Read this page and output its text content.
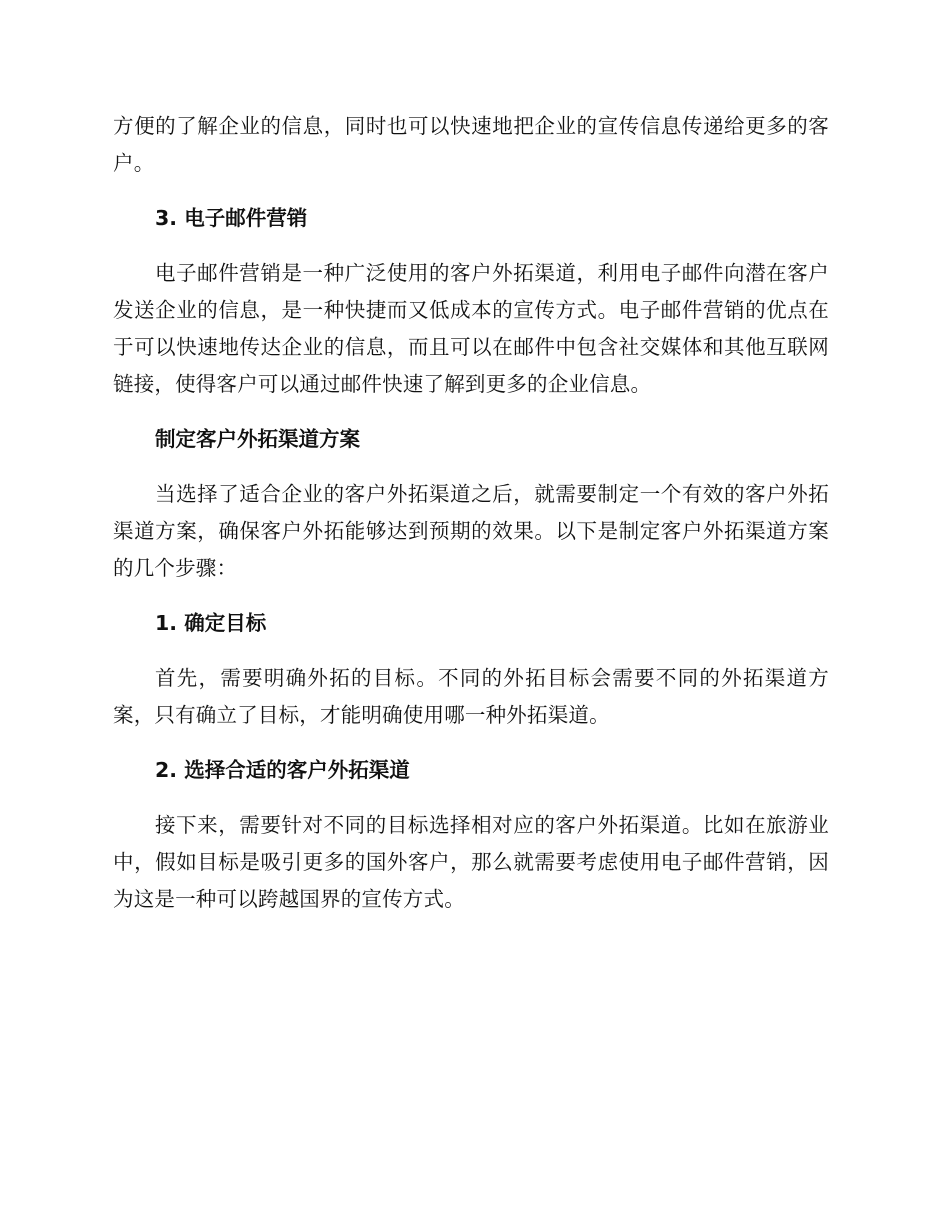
方便的了解企业的信息，同时也可以快速地把企业的宣传信息传递给更多的客户。

3. 电子邮件营销

电子邮件营销是一种广泛使用的客户外拓渠道，利用电子邮件向潜在客户发送企业的信息，是一种快捷而又低成本的宣传方式。电子邮件营销的优点在于可以快速地传达企业的信息，而且可以在邮件中包含社交媒体和其他互联网链接，使得客户可以通过邮件快速了解到更多的企业信息。

制定客户外拓渠道方案

当选择了适合企业的客户外拓渠道之后，就需要制定一个有效的客户外拓渠道方案，确保客户外拓能够达到预期的效果。以下是制定客户外拓渠道方案的几个步骤：

1. 确定目标

首先，需要明确外拓的目标。不同的外拓目标会需要不同的外拓渠道方案，只有确立了目标，才能明确使用哪一种外拓渠道。

2. 选择合适的客户外拓渠道

接下来，需要针对不同的目标选择相对应的客户外拓渠道。比如在旅游业中，假如目标是吸引更多的国外客户，那么就需要考虑使用电子邮件营销，因为这是一种可以跨越国界的宣传方式。
